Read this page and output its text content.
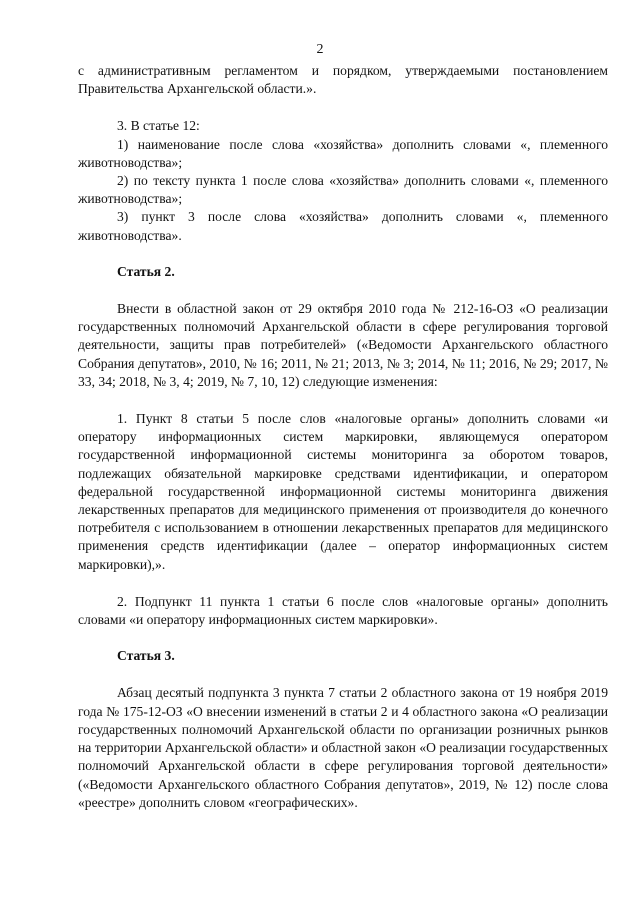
2

с административным регламентом и порядком, утверждаемыми постановлением Правительства Архангельской области.».

3. В статье 12:

1) наименование после слова «хозяйства» дополнить словами «, племенного животноводства»;

2) по тексту пункта 1 после слова «хозяйства» дополнить словами «, племенного животноводства»;

3) пункт 3 после слова «хозяйства» дополнить словами «, племенного животноводства».

Статья 2.

Внести в областной закон от 29 октября 2010 года № 212-16-ОЗ «О реализации государственных полномочий Архангельской области в сфере регулирования торговой деятельности, защиты прав потребителей» («Ведомости Архангельского областного Собрания депутатов», 2010, № 16; 2011, № 21; 2013, № 3; 2014, № 11; 2016, № 29; 2017, № 33, 34; 2018, № 3, 4; 2019, № 7, 10, 12) следующие изменения:

1. Пункт 8 статьи 5 после слов «налоговые органы» дополнить словами «и оператору информационных систем маркировки, являющемуся оператором государственной информационной системы мониторинга за оборотом товаров, подлежащих обязательной маркировке средствами идентификации, и оператором федеральной государственной информационной системы мониторинга движения лекарственных препаратов для медицинского применения от производителя до конечного потребителя с использованием в отношении лекарственных препаратов для медицинского применения средств идентификации (далее – оператор информационных систем маркировки),».

2. Подпункт 11 пункта 1 статьи 6 после слов «налоговые органы» дополнить словами «и оператору информационных систем маркировки».

Статья 3.

Абзац десятый подпункта 3 пункта 7 статьи 2 областного закона от 19 ноября 2019 года № 175-12-ОЗ «О внесении изменений в статьи 2 и 4 областного закона «О реализации государственных полномочий Архангельской области по организации розничных рынков на территории Архангельской области» и областной закон «О реализации государственных полномочий Архангельской области в сфере регулирования торговой деятельности» («Ведомости Архангельского областного Собрания депутатов», 2019, № 12) после слова «реестре» дополнить словом «географических».
